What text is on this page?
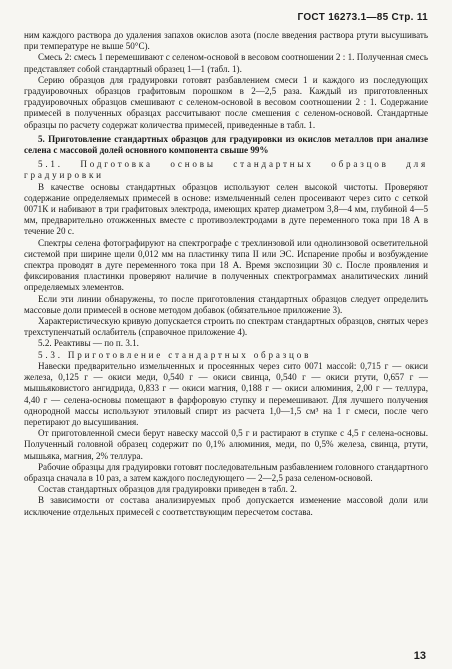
ГОСТ 16273.1—85 Стр. 11

ним каждого раствора до удаления запахов окислов азота (после введения раствора ртути высушивать при температуре не выше 50°С).

Смесь 2: смесь 1 перемешивают с селеном-основой в весовом соотношении 2 : 1. Полученная смесь представляет собой стандартный образец 1—1 (табл. 1).

Серию образцов для градуировки готовят разбавлением смеси 1 и каждого из последующих градуировочных образцов графитовым порошком в 2—2,5 раза. Каждый из приготовленных градуировочных образцов смешивают с селеном-основой в весовом соотношении 2 : 1. Содержание примесей в полученных образцах рассчитывают после смешения с селеном-основой. Стандартные образцы по расчету содержат количества примесей, приведенные в табл. 1.

5. Приготовление стандартных образцов для градуировки из окислов металлов при анализе селена с массовой долей основного компонента свыше 99%

5.1. Подготовка основы стандартных образцов для градуировки

В качестве основы стандартных образцов используют селен высокой чистоты. Проверяют содержание определяемых примесей в основе: измельченный селен просеивают через сито с сеткой 0071К и набивают в три графитовых электрода, имеющих кратер диаметром 3,8—4 мм, глубиной 4—5 мм, предварительно отожженных вместе с противоэлектродами в дуге переменного тока при 18 А в течение 20 с.

Спектры селена фотографируют на спектрографе с трехлинзовой или однолинзовой осветительной системой при ширине щели 0,012 мм на пластинку типа II или ЭС. Испарение пробы и возбуждение спектра проводят в дуге переменного тока при 18 А. Время экспозиции 30 с. После проявления и фиксирования пластинки проверяют наличие в полученных спектрограммах аналитических линий определяемых элементов.

Если эти линии обнаружены, то после приготовления стандартных образцов следует определить массовые доли примесей в основе методом добавок (обязательное приложение 3).

Характеристическую кривую допускается строить по спектрам стандартных образцов, снятых через трехступенчатый ослабитель (справочное приложение 4).

5.2. Реактивы — по п. 3.1.

5.3. Приготовление стандартных образцов

Навески предварительно измельченных и просеянных через сито 0071 массой: 0,715 г — окиси железа, 0,125 г — окиси меди, 0,540 г — окиси свинца, 0,540 г — окиси ртути, 0,657 г — мышьяковистого ангидрида, 0,833 г — окиси магния, 0,188 г — окиси алюминия, 2,00 г — теллура, 4,40 г — селена-основы помещают в фарфоровую ступку и перемешивают. Для лучшего получения однородной массы используют этиловый спирт из расчета 1,0—1,5 см³ на 1 г смеси, после чего перетирают до высушивания.

От приготовленной смеси берут навеску массой 0,5 г и растирают в ступке с 4,5 г селена-основы. Полученный головной образец содержит по 0,1% алюминия, меди, по 0,5% железа, свинца, ртути, мышьяка, магния, 2% теллура.

Рабочие образцы для градуировки готовят последовательным разбавлением головного стандартного образца сначала в 10 раз, а затем каждого последующего — 2—2,5 раза селеном-основой.

Состав стандартных образцов для градуировки приведен в табл. 2.

В зависимости от состава анализируемых проб допускается изменение массовой доли или исключение отдельных примесей с соответствующим пересчетом состава.

13
